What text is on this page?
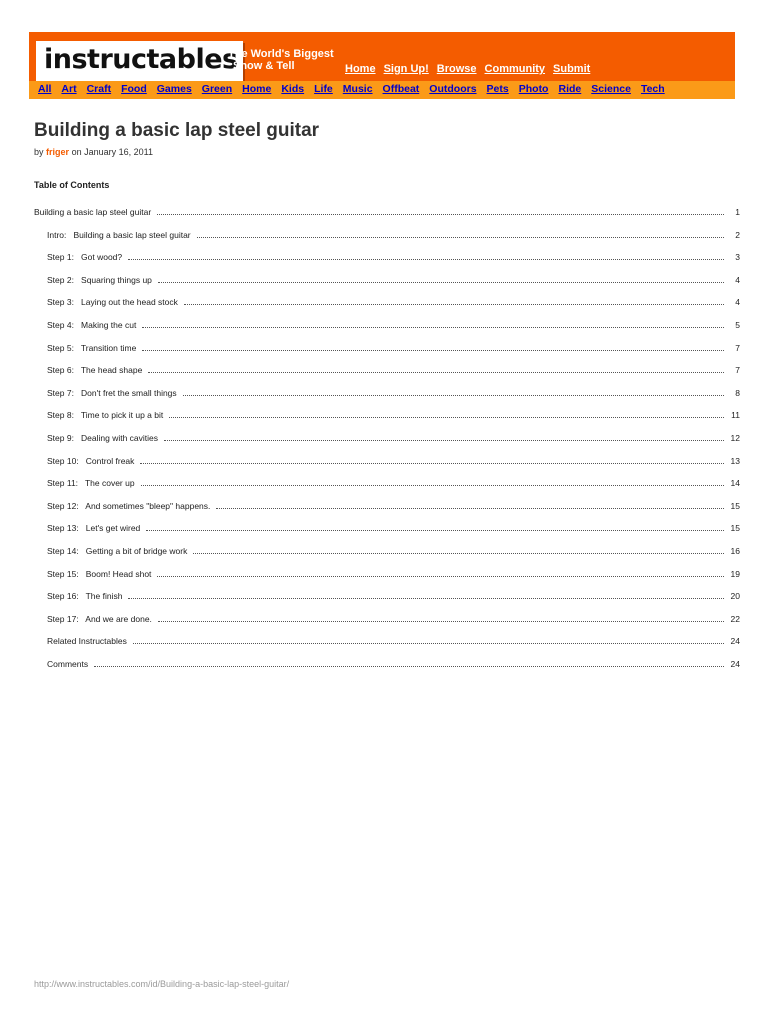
instructables
The World's Biggest
Show & Tell	Home Sign Up! Browse Community Submit
All Art Craft Food Games Green Home Kids Life Music Offbeat Outdoors Pets Photo Ride Science Tech
Building a basic lap steel guitar
by friger on January 16, 2011
Table of Contents
Building a basic lap steel guitar	1
Intro:   Building a basic lap steel guitar	2
Step 1:   Got wood?	3
Step 2:   Squaring things up	4
Step 3:   Laying out the head stock	4
Step 4:   Making the cut	5
Step 5:   Transition time	7
Step 6:   The head shape	7
Step 7:   Don't fret the small things	8
Step 8:   Time to pick it up a bit	11
Step 9:   Dealing with cavities	12
Step 10:   Control freak	13
Step 11:   The cover up	14
Step 12:   And sometimes "bleep" happens.	15
Step 13:   Let's get wired	15
Step 14:   Getting a bit of bridge work	16
Step 15:   Boom! Head shot	19
Step 16:   The finish	20
Step 17:   And we are done.	22
Related Instructables	24
Comments	24
http://www.instructables.com/id/Building-a-basic-lap-steel-guitar/
